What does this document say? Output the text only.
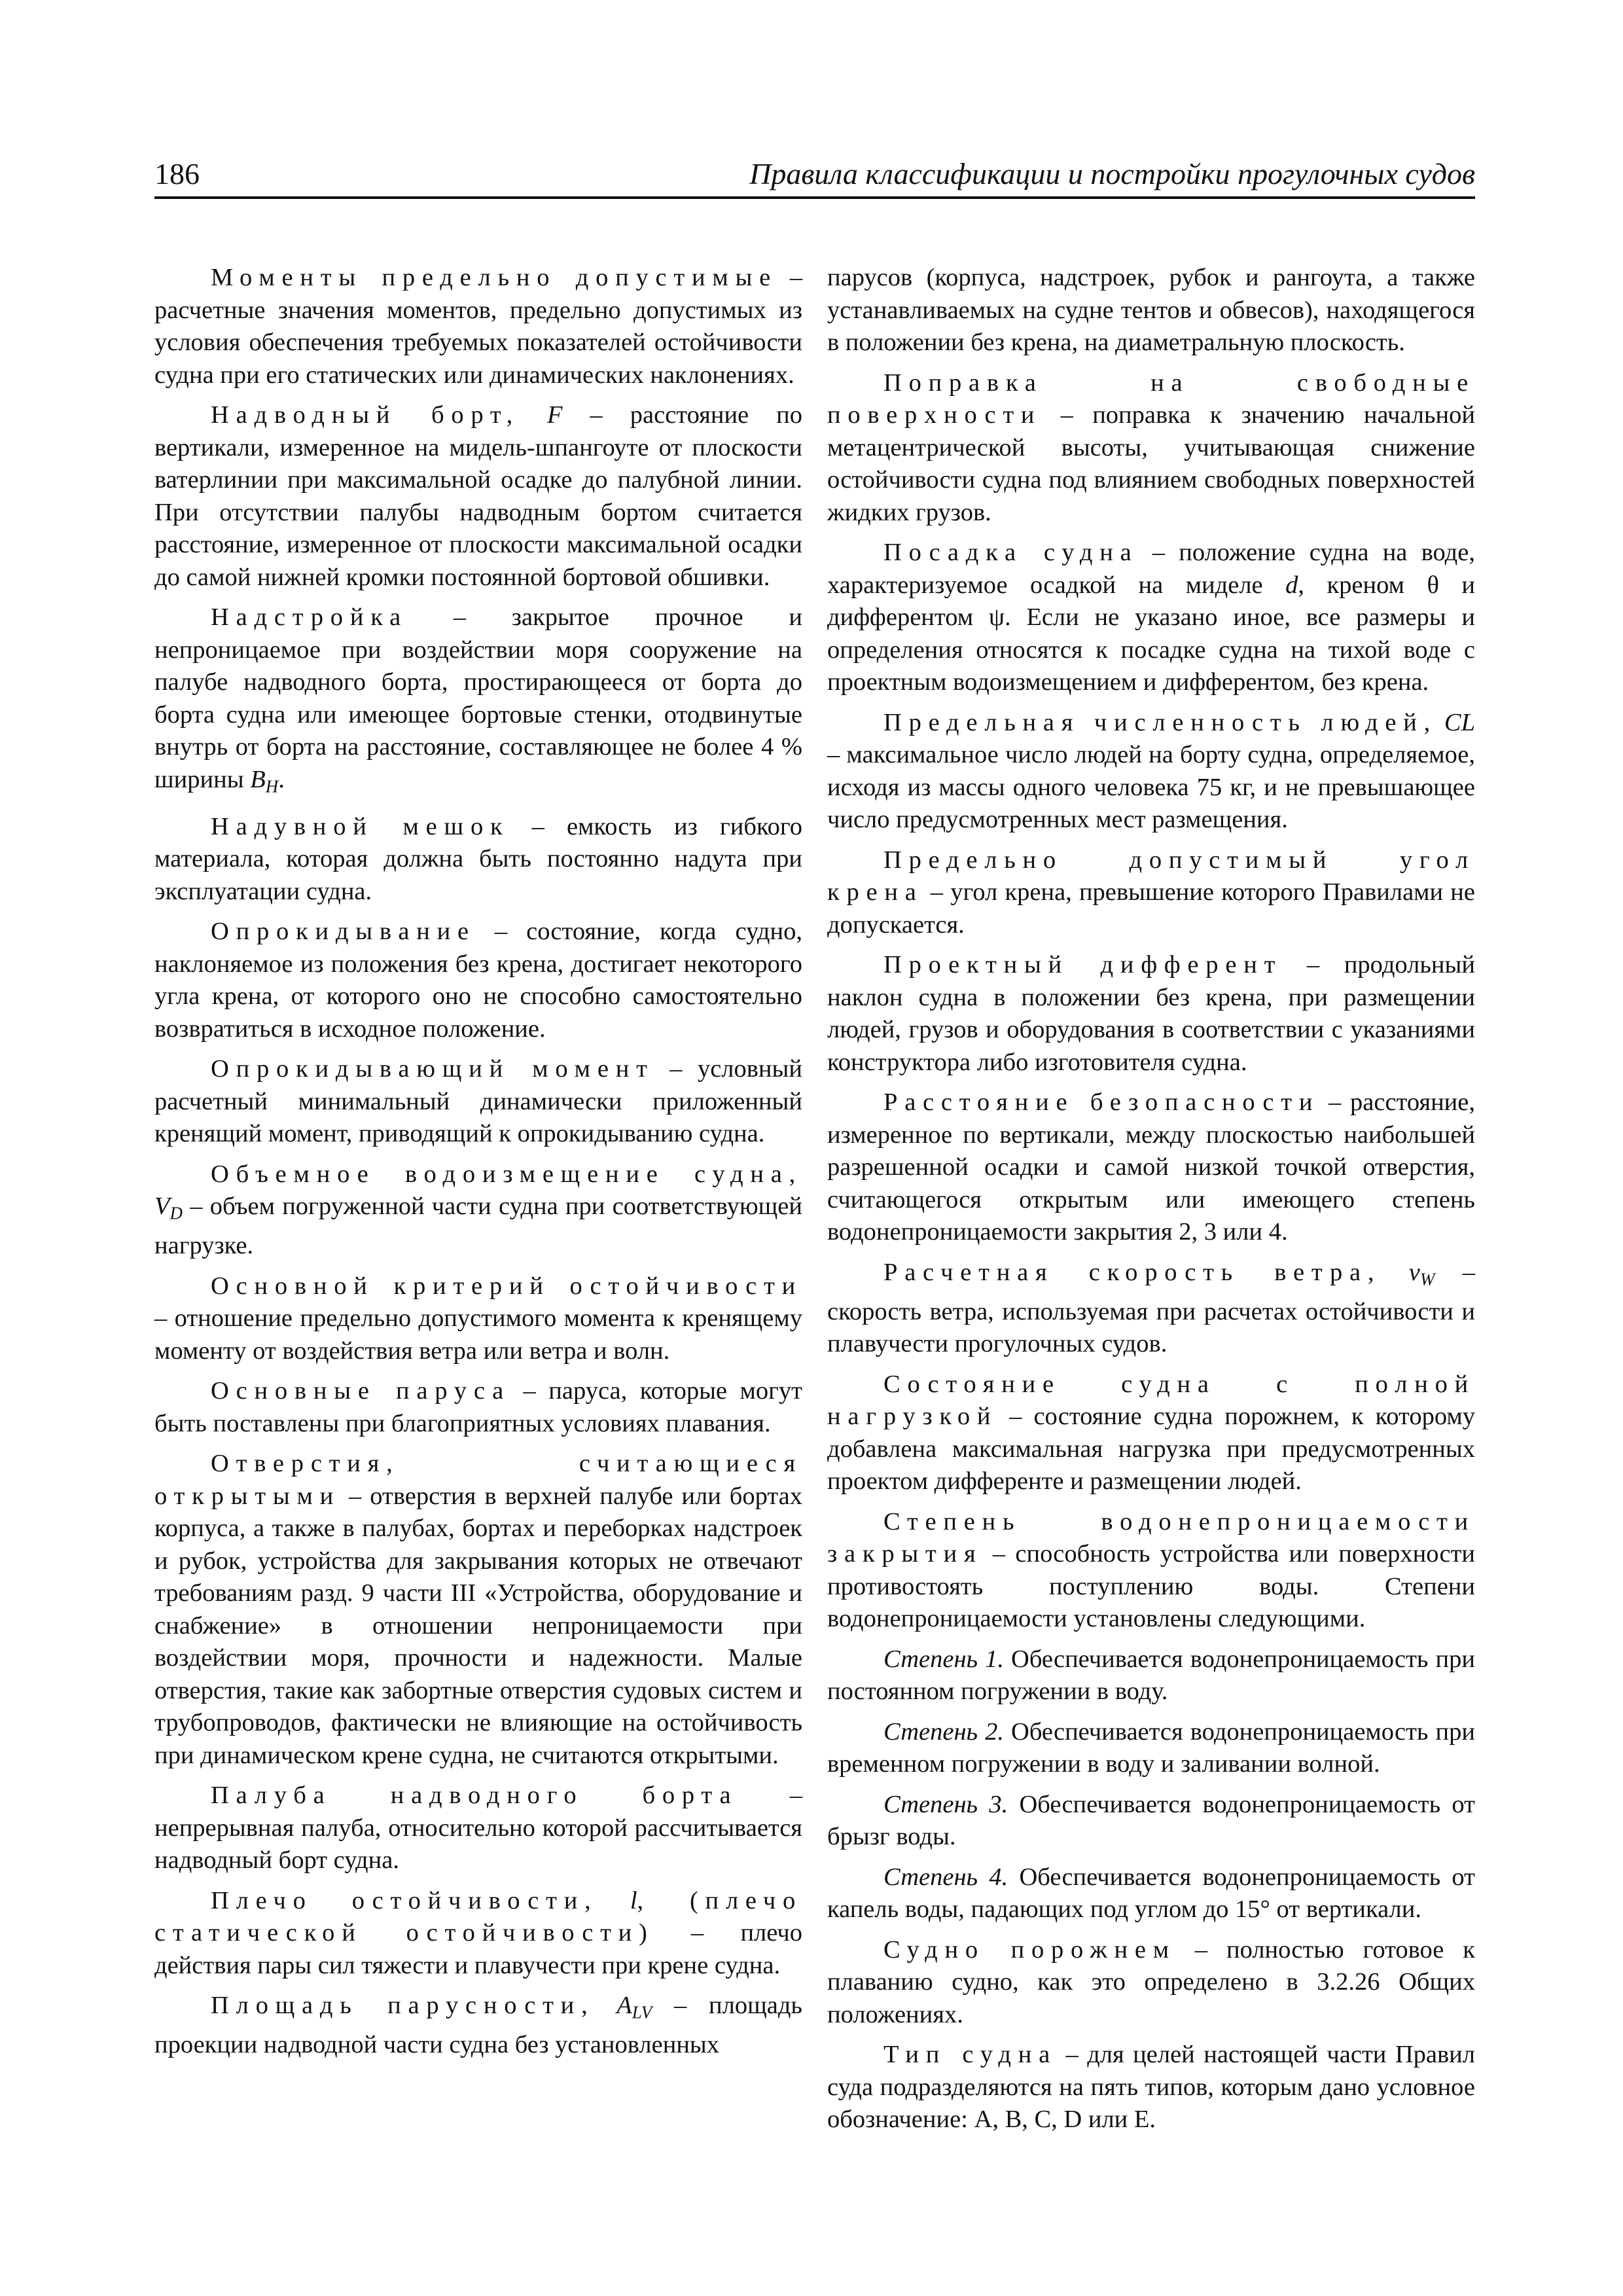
186	Правила классификации и постройки прогулочных судов

Моменты предельно допустимые – расчетные значения моментов, предельно допустимых из условия обеспечения требуемых показателей остойчивости судна при его статических или динамических наклонениях.

Надводный борт, F – расстояние по вертикали, измеренное на мидель-шпангоуте от плоскости ватерлинии при максимальной осадке до палубной линии. При отсутствии палубы надводным бортом считается расстояние, измеренное от плоскости максимальной осадки до самой нижней кромки постоянной бортовой обшивки.

Надстройка – закрытое прочное и непроницаемое при воздействии моря сооружение на палубе надводного борта, простирающееся от борта до борта судна или имеющее бортовые стенки, отодвинутые внутрь от борта на расстояние, составляющее не более 4 % ширины $B_H$.

Надувной мешок – емкость из гибкого материала, которая должна быть постоянно надута при эксплуатации судна.

Опрокидывание – состояние, когда судно, наклоняемое из положения без крена, достигает некоторого угла крена, от которого оно не способно самостоятельно возвратиться в исходное положение.

Опрокидывающий момент – условный расчетный минимальный динамически приложенный кренящий момент, приводящий к опрокидыванию судна.

Объемное водоизмещение судна, $V_D$ – объем погруженной части судна при соответствующей нагрузке.

Основной критерий остойчивости – отношение предельно допустимого момента к кренящему моменту от воздействия ветра или ветра и волн.

Основные паруса – паруса, которые могут быть поставлены при благоприятных условиях плавания.

Отверстия, считающиеся открытыми – отверстия в верхней палубе или бортах корпуса, а также в палубах, бортах и переборках надстроек и рубок, устройства для закрывания которых не отвечают требованиям разд. 9 части III «Устройства, оборудование и снабжение» в отношении непроницаемости при воздействии моря, прочности и надежности. Малые отверстия, такие как забортные отверстия судовых систем и трубопроводов, фактически не влияющие на остойчивость при динамическом крене судна, не считаются открытыми.

Палуба надводного борта – непрерывная палуба, относительно которой рассчитывается надводный борт судна.

Плечо остойчивости, l, (плечо статической остойчивости) – плечо действия пары сил тяжести и плавучести при крене судна.

Площадь парусности, $A_{LV}$ – площадь проекции надводной части судна без установленных

парусов (корпуса, надстроек, рубок и рангоута, а также устанавливаемых на судне тентов и обвесов), находящегося в положении без крена, на диаметральную плоскость.

Поправка на свободные поверхности – поправка к значению начальной метацентрической высоты, учитывающая снижение остойчивости судна под влиянием свободных поверхностей жидких грузов.

Посадка судна – положение судна на воде, характеризуемое осадкой на миделе d, креном θ и дифферентом ψ. Если не указано иное, все размеры и определения относятся к посадке судна на тихой воде с проектным водоизмещением и дифферентом, без крена.

Предельная численность людей, CL – максимальное число людей на борту судна, определяемое, исходя из массы одного человека 75 кг, и не превышающее число предусмотренных мест размещения.

Предельно допустимый угол крена – угол крена, превышение которого Правилами не допускается.

Проектный дифферент – продольный наклон судна в положении без крена, при размещении людей, грузов и оборудования в соответствии с указаниями конструктора либо изготовителя судна.

Расстояние безопасности – расстояние, измеренное по вертикали, между плоскостью наибольшей разрешенной осадки и самой низкой точкой отверстия, считающегося открытым или имеющего степень водонепроницаемости закрытия 2, 3 или 4.

Расчетная скорость ветра, $v_W$ – скорость ветра, используемая при расчетах остойчивости и плавучести прогулочных судов.

Состояние судна с полной нагрузкой – состояние судна порожнем, к которому добавлена максимальная нагрузка при предусмотренных проектом дифференте и размещении людей.

Степень водонепроницаемости закрытия – способность устройства или поверхности противостоять поступлению воды. Степени водонепроницаемости установлены следующими.

Степень 1. Обеспечивается водонепроницаемость при постоянном погружении в воду.

Степень 2. Обеспечивается водонепроницаемость при временном погружении в воду и заливании волной.

Степень 3. Обеспечивается водонепроницаемость от брызг воды.

Степень 4. Обеспечивается водонепроницаемость от капель воды, падающих под углом до 15° от вертикали.

Судно порожнем – полностью готовое к плаванию судно, как это определено в 3.2.26 Общих положениях.

Тип судна – для целей настоящей части Правил суда подразделяются на пять типов, которым дано условное обозначение: A, B, C, D или E.
